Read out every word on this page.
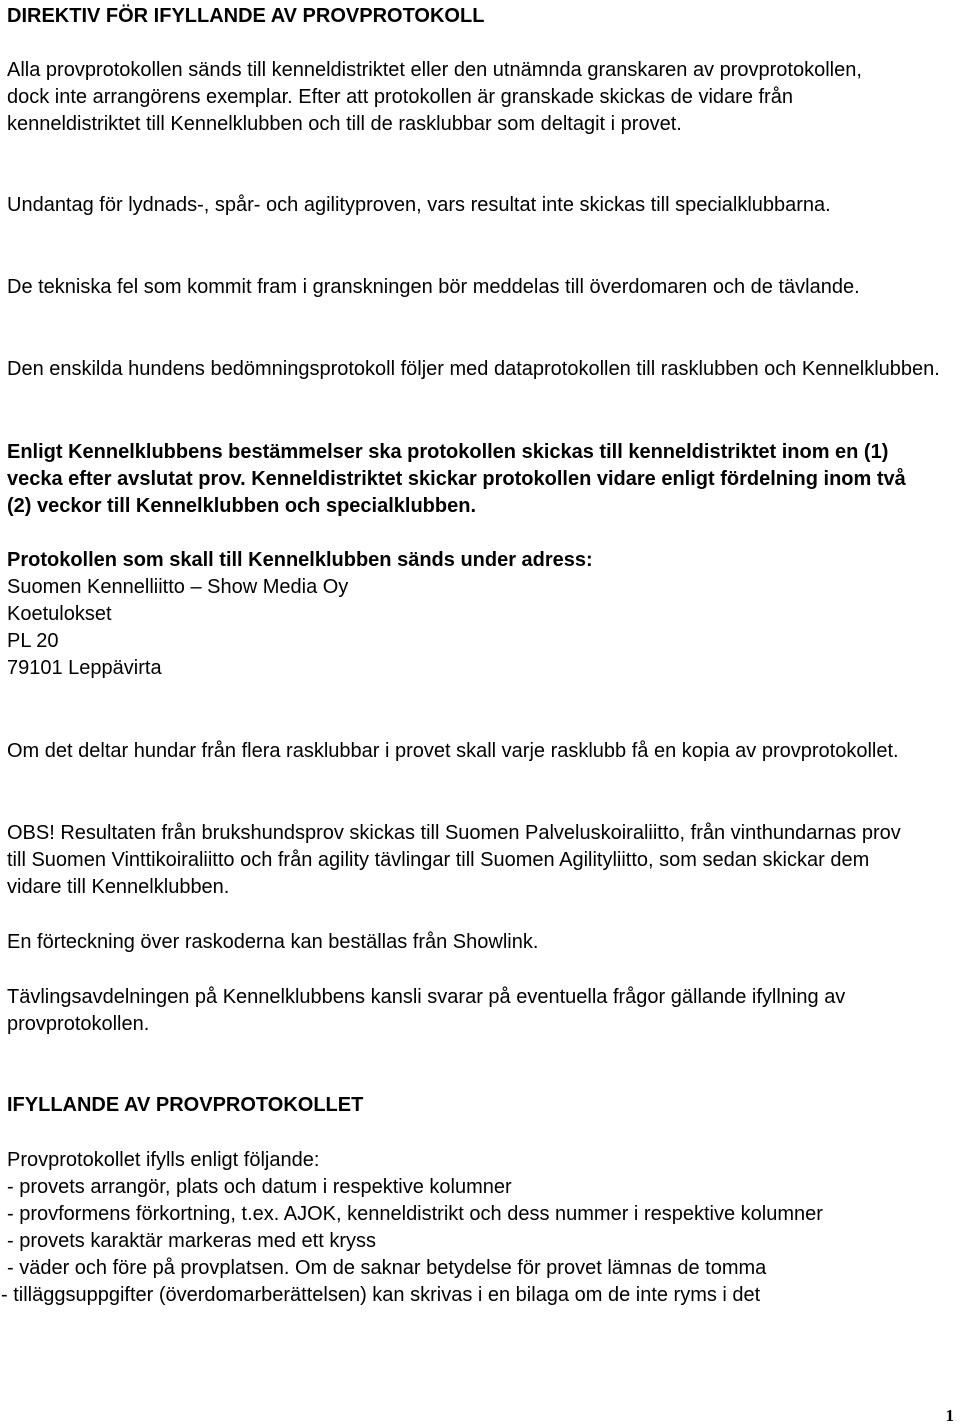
DIREKTIV FÖR IFYLLANDE AV PROVPROTOKOLL

Alla provprotokollen sänds till kenneldistriktet eller den utnämnda granskaren av provprotokollen, dock inte arrangörens exemplar. Efter att protokollen är granskade skickas de vidare från kenneldistriktet till Kennelklubben och till de rasklubbar som deltagit i provet.

Undantag för lydnads-, spår- och agilityproven, vars resultat inte skickas till specialklubbarna.

De tekniska fel som kommit fram i granskningen bör meddelas till överdomaren och de tävlande.

Den enskilda hundens bedömningsprotokoll följer med dataprotokollen till rasklubben och Kennelklubben.

Enligt Kennelklubbens bestämmelser ska protokollen skickas till kenneldistriktet inom en (1) vecka efter avslutat prov. Kenneldistriktet skickar protokollen vidare enligt fördelning inom två (2) veckor till Kennelklubben och specialklubben.

Protokollen som skall till Kennelklubben sänds under adress:
Suomen Kennelliitto – Show Media Oy
Koetulokset
PL 20
79101 Leppävirta

Om det deltar hundar från flera rasklubbar i provet skall varje rasklubb få en kopia av provprotokollet.

OBS! Resultaten från brukshundsprov skickas till Suomen Palveluskoiraliitto, från vinthundarnas prov till Suomen Vinttikoiraliitto och från agility tävlingar till Suomen Agilityliitto, som sedan skickar dem vidare till Kennelklubben.

En förteckning över raskoderna kan beställas från Showlink.

Tävlingsavdelningen på Kennelklubbens kansli svarar på eventuella frågor gällande ifyllning av provprotokollen.

IFYLLANDE AV PROVPROTOKOLLET
Provprotokollet ifylls enligt följande:
- provets arrangör, plats och datum i respektive kolumner

- provformens förkortning, t.ex. AJOK, kenneldistrikt och dess nummer i respektive kolumner

- provets karaktär markeras med ett kryss
- väder och före på provplatsen. Om de saknar betydelse för provet lämnas de tomma
- tilläggsuppgifter (överdomarberättelsen) kan skrivas i en bilaga om de inte ryms i det
1
